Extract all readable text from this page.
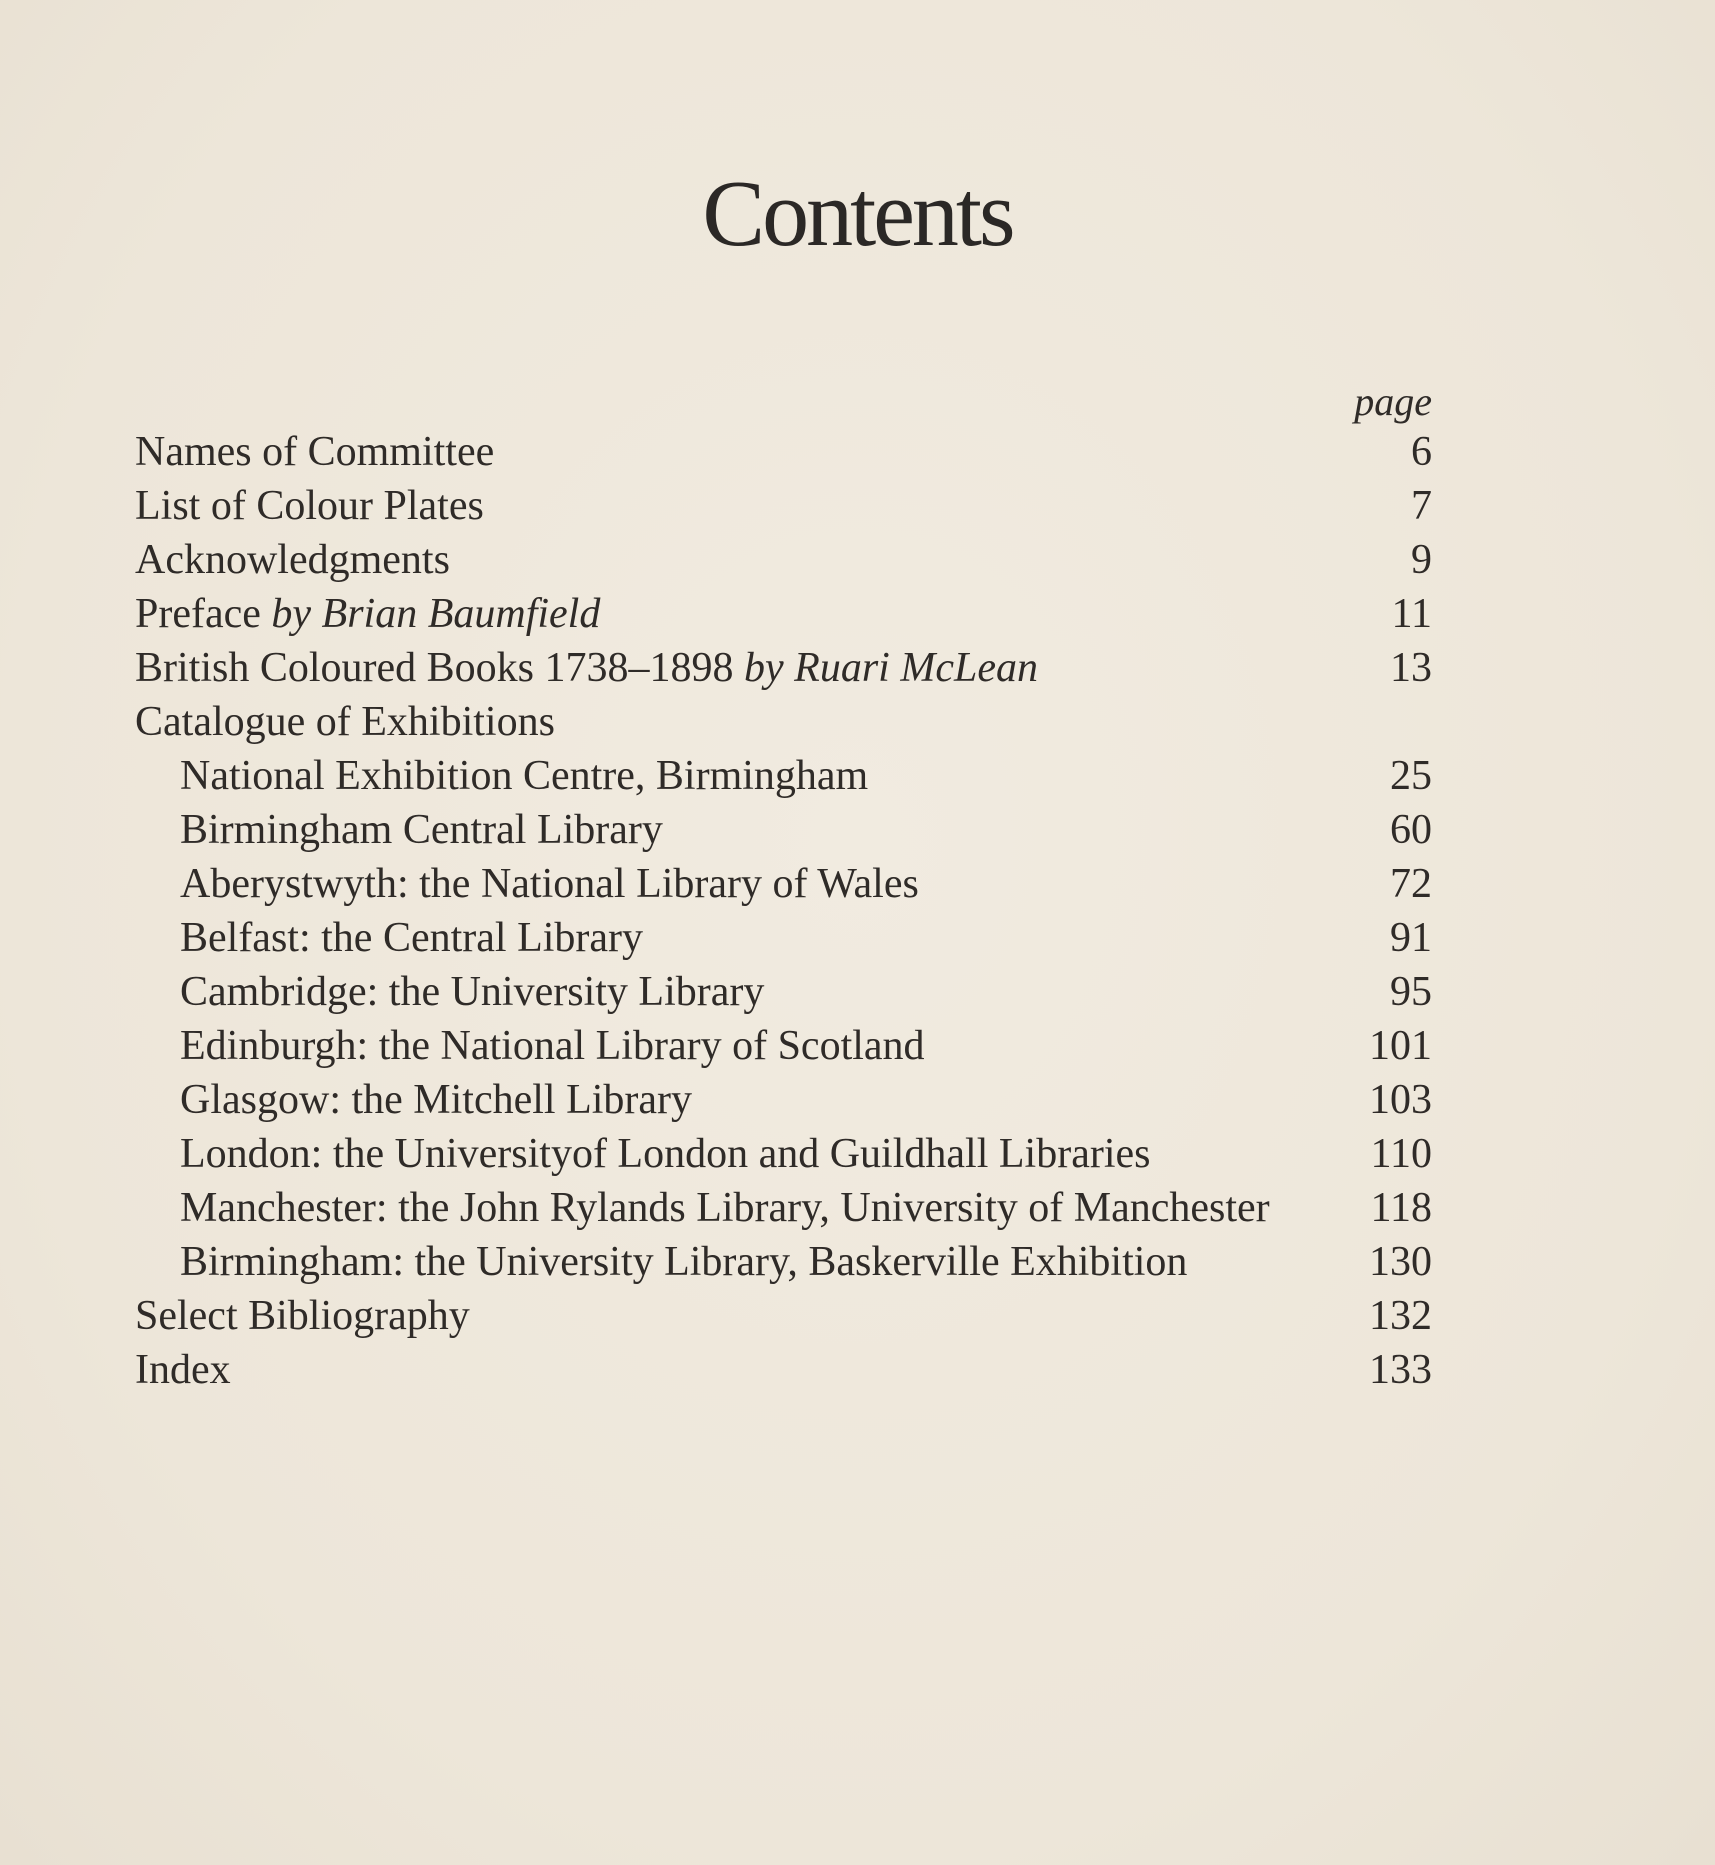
Contents
page
Names of Committee	6
List of Colour Plates	7
Acknowledgments	9
Preface by Brian Baumfield	11
British Coloured Books 1738–1898 by Ruari McLean	13
Catalogue of Exhibitions
National Exhibition Centre, Birmingham	25
Birmingham Central Library	60
Aberystwyth: the National Library of Wales	72
Belfast: the Central Library	91
Cambridge: the University Library	95
Edinburgh: the National Library of Scotland	101
Glasgow: the Mitchell Library	103
London: the Universityof London and Guildhall Libraries	110
Manchester: the John Rylands Library, University of Manchester 118
Birmingham: the University Library, Baskerville Exhibition	130
Select Bibliography	132
Index	133
